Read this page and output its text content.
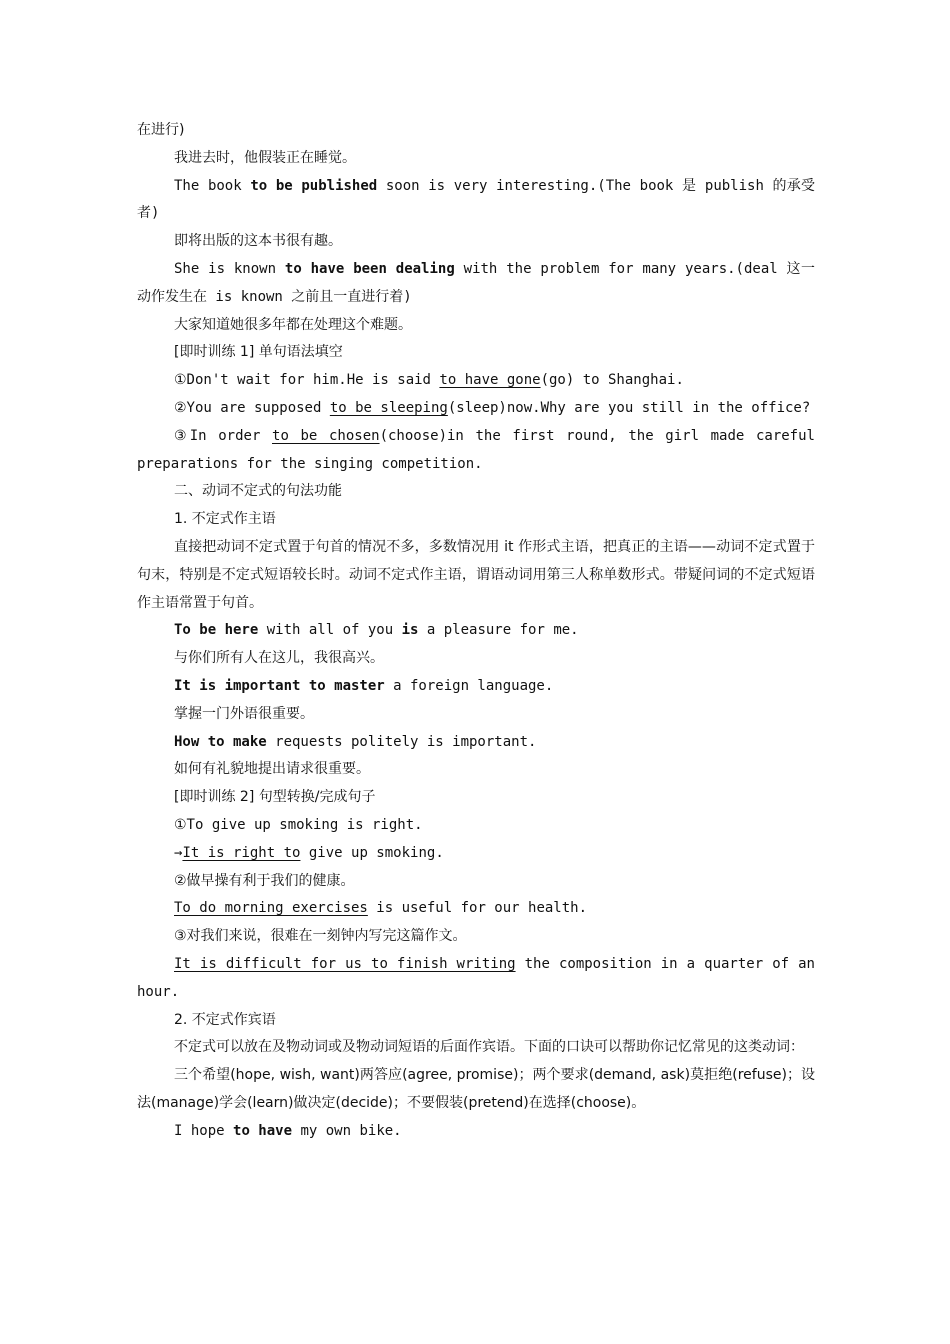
在进行)

我进去时，他假装正在睡觉。

The book to be published soon is very interesting.(The book 是 publish 的承受者)

即将出版的这本书很有趣。

She is known to have been dealing with the problem for many years.(deal 这一动作发生在 is known 之前且一直进行着)

大家知道她很多年都在处理这个难题。

[即时训练 1] 单句语法填空

①Don't wait for him.He is said to have gone(go) to Shanghai.

②You are supposed to be sleeping(sleep)now.Why are you still in the office?

③In order to be chosen(choose)in the first round, the girl made careful preparations for the singing competition.

二、动词不定式的句法功能

1. 不定式作主语

直接把动词不定式置于句首的情况不多，多数情况用 it 作形式主语，把真正的主语——动词不定式置于句末，特别是不定式短语较长时。动词不定式作主语，谓语动词用第三人称单数形式。带疑问词的不定式短语作主语常置于句首。

To be here with all of you is a pleasure for me.

与你们所有人在这儿，我很高兴。

It is important to master a foreign language.

掌握一门外语很重要。

How to make requests politely is important.

如何有礼貌地提出请求很重要。

[即时训练 2] 句型转换/完成句子

①To give up smoking is right.

→It is right to give up smoking.

②做早操有利于我们的健康。

To do morning exercises is useful for our health.

③对我们来说，很难在一刻钟内写完这篇作文。

It is difficult for us to finish writing the composition in a quarter of an hour.

2. 不定式作宾语

不定式可以放在及物动词或及物动词短语的后面作宾语。下面的口诀可以帮助你记忆常见的这类动词：

三个希望(hope, wish, want)两答应(agree, promise)；两个要求(demand, ask)莫拒绝(refuse)；设法(manage)学会(learn)做决定(decide)；不要假装(pretend)在选择(choose)。

I hope to have my own bike.
